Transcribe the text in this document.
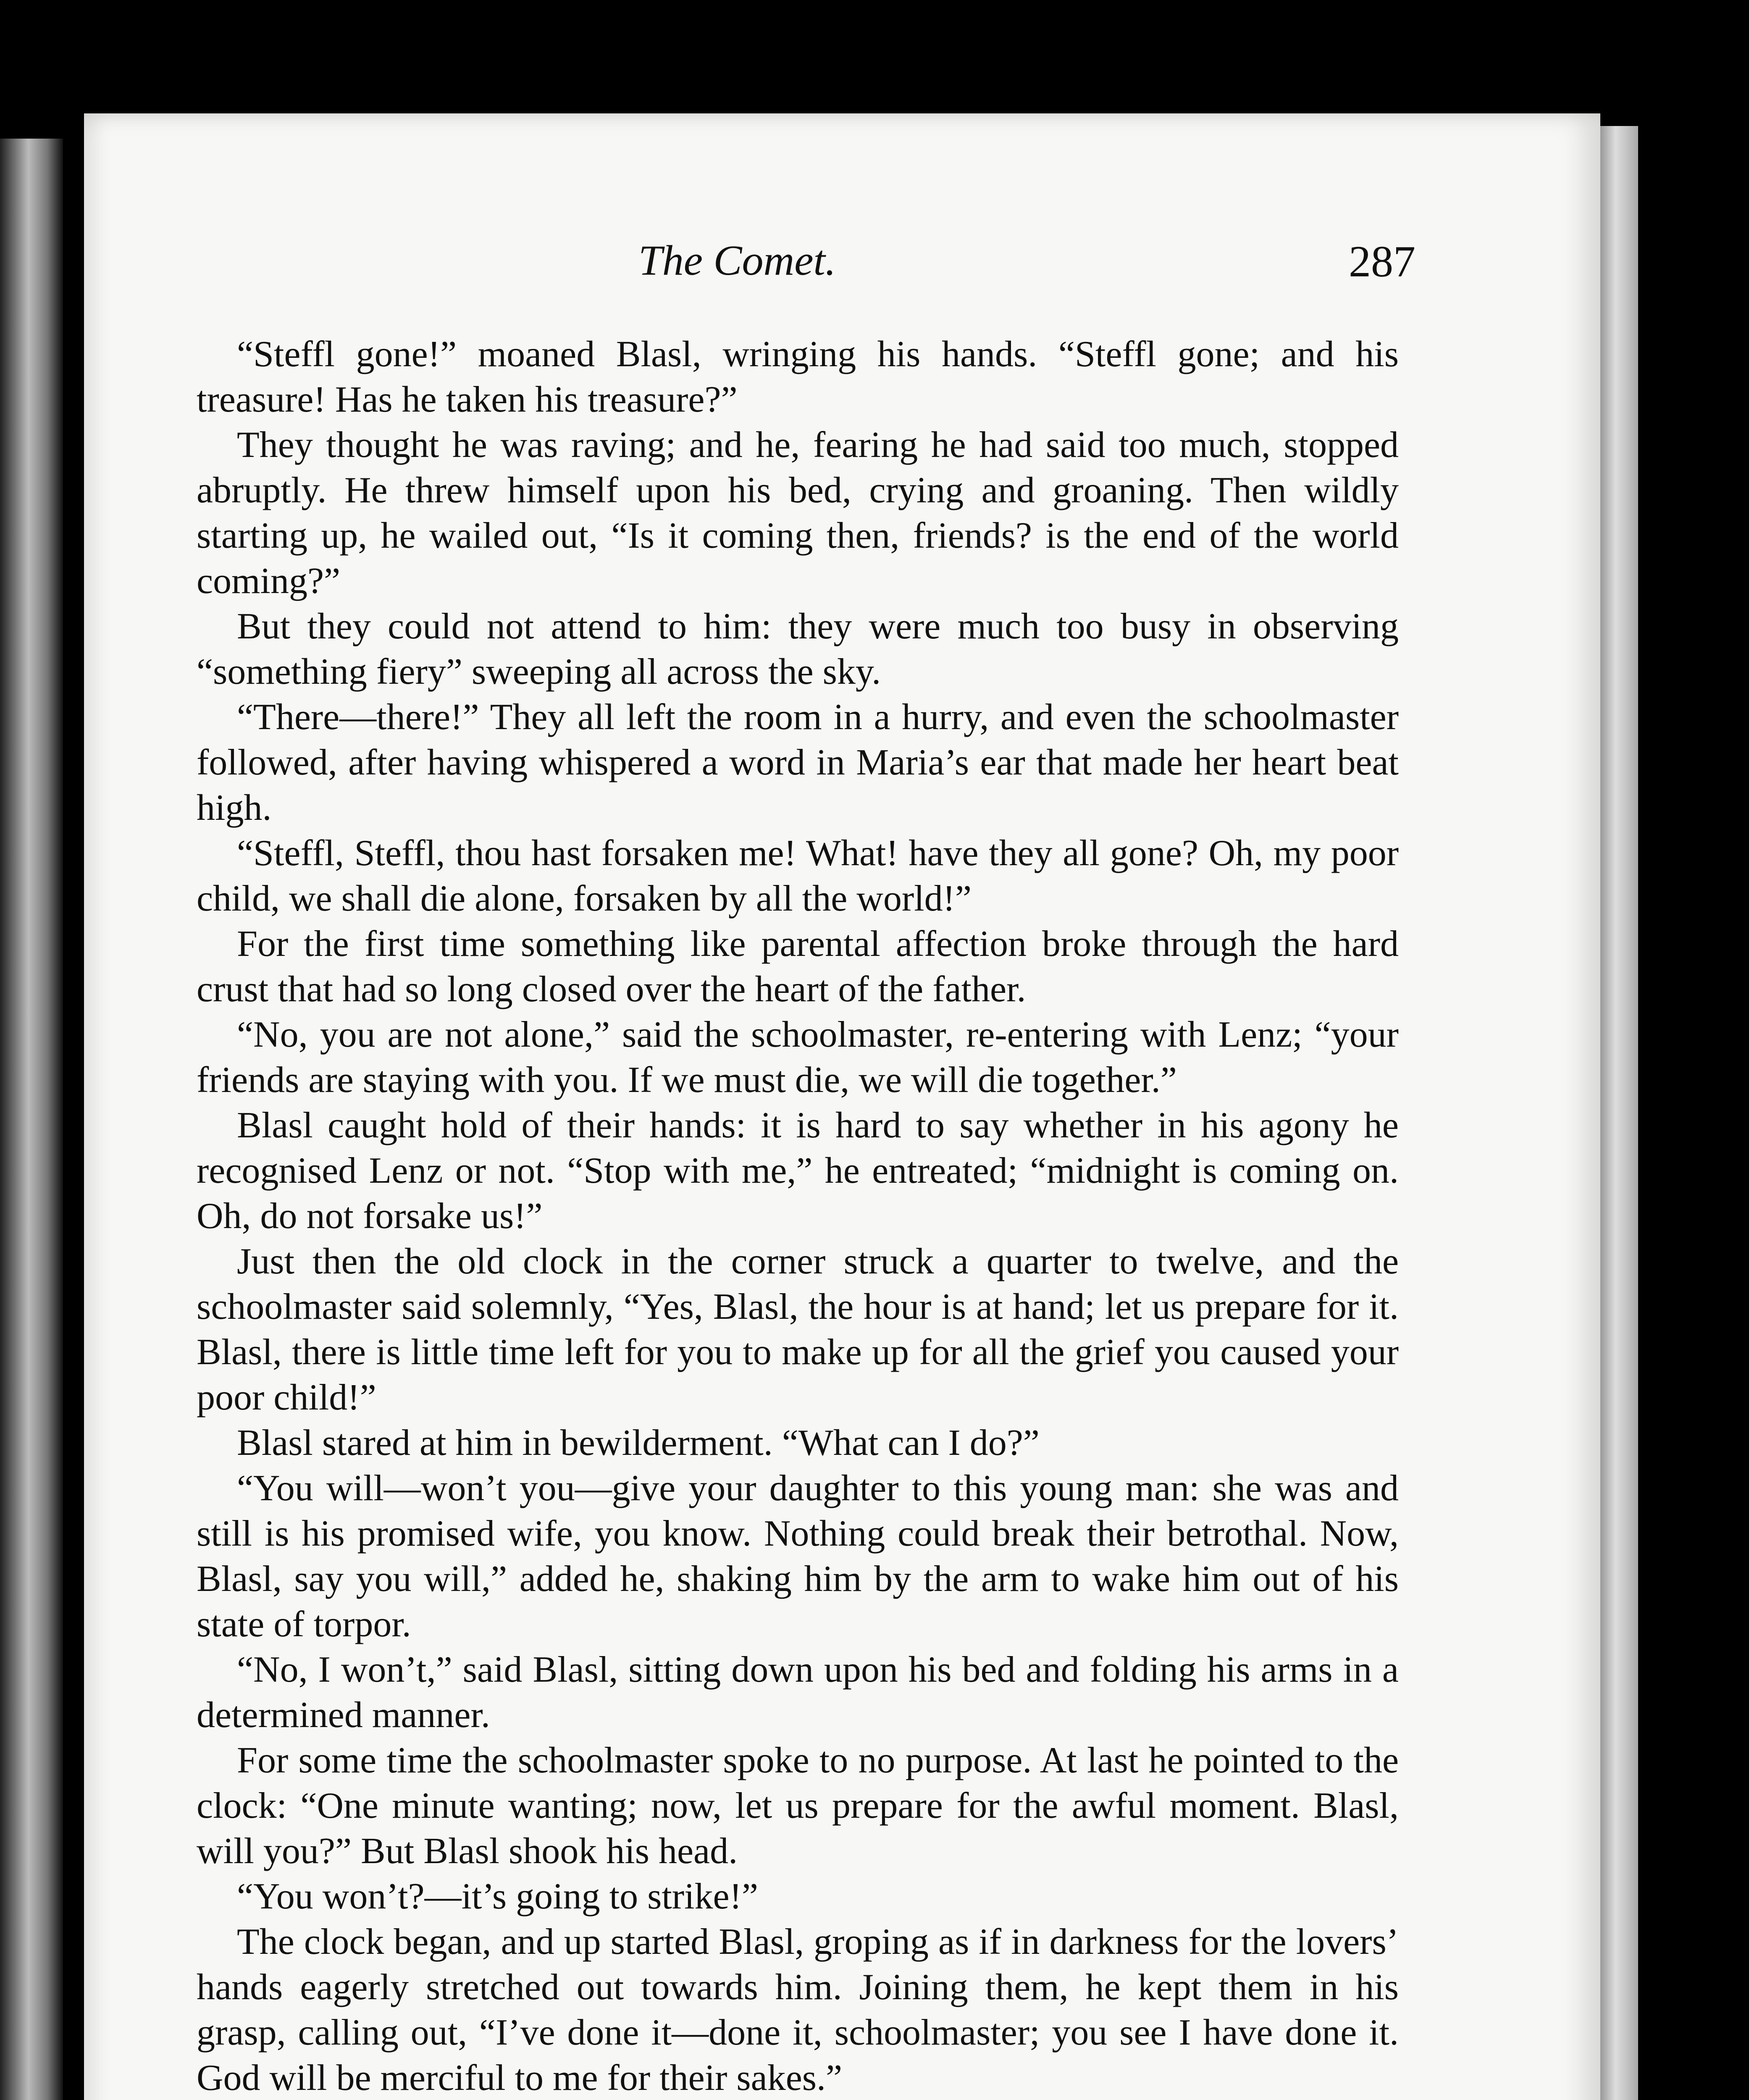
The Comet.	287

“Steffl gone!” moaned Blasl, wringing his hands. “Steffl gone; and his treasure! Has he taken his treasure?”

They thought he was raving; and he, fearing he had said too much, stopped abruptly. He threw himself upon his bed, crying and groaning. Then wildly starting up, he wailed out, “Is it coming then, friends? is the end of the world coming?”

But they could not attend to him: they were much too busy in observing “something fiery” sweeping all across the sky.

“There—there!” They all left the room in a hurry, and even the schoolmaster followed, after having whispered a word in Maria’s ear that made her heart beat high.

“Steffl, Steffl, thou hast forsaken me! What! have they all gone? Oh, my poor child, we shall die alone, forsaken by all the world!”

For the first time something like parental affection broke through the hard crust that had so long closed over the heart of the father.

“No, you are not alone,” said the schoolmaster, re-entering with Lenz; “your friends are staying with you. If we must die, we will die together.”

Blasl caught hold of their hands: it is hard to say whether in his agony he recognised Lenz or not. “Stop with me,” he entreated; “midnight is coming on. Oh, do not forsake us!”

Just then the old clock in the corner struck a quarter to twelve, and the schoolmaster said solemnly, “Yes, Blasl, the hour is at hand; let us prepare for it. Blasl, there is little time left for you to make up for all the grief you caused your poor child!”

Blasl stared at him in bewilderment. “What can I do?”

“You will—won’t you—give your daughter to this young man: she was and still is his promised wife, you know. Nothing could break their betrothal. Now, Blasl, say you will,” added he, shaking him by the arm to wake him out of his state of torpor.

“No, I won’t,” said Blasl, sitting down upon his bed and folding his arms in a determined manner.

For some time the schoolmaster spoke to no purpose. At last he pointed to the clock: “One minute wanting; now, let us prepare for the awful moment. Blasl, will you?” But Blasl shook his head.

“You won’t?—it’s going to strike!”

The clock began, and up started Blasl, groping as if in darkness for the lovers’ hands eagerly stretched out towards him. Joining them, he kept them in his grasp, calling out, “I’ve done it—done it, schoolmaster; you see I have done it. God will be merciful to me for their sakes.”
